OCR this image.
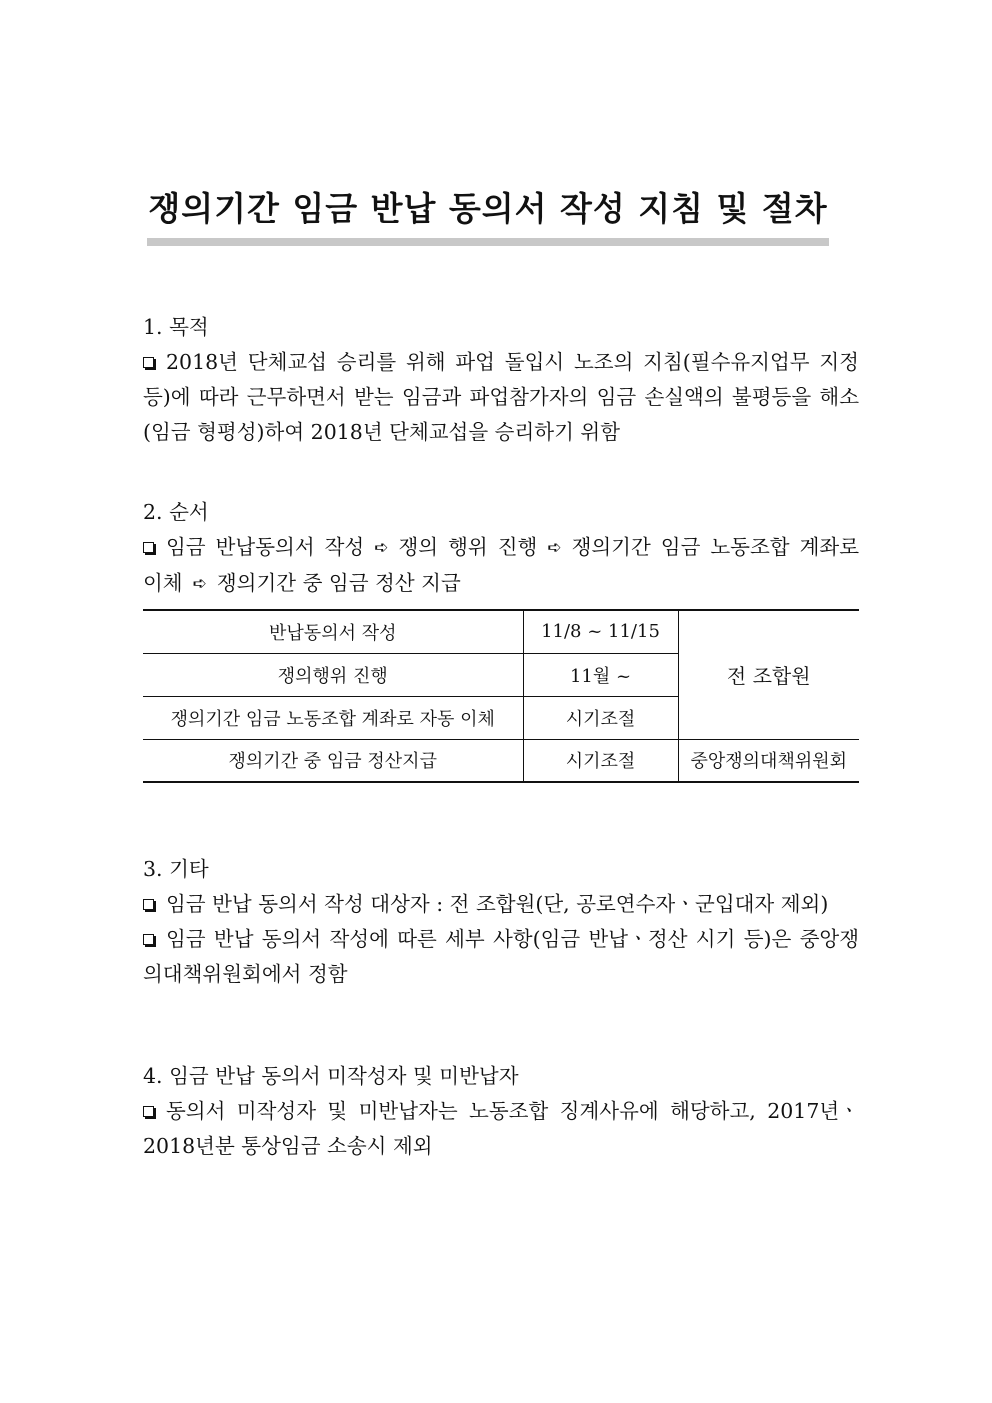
쟁의기간 임금 반납 동의서 작성 지침 및 절차
1. 목적
2018년 단체교섭 승리를 위해 파업 돌입시 노조의 지침(필수유지업무 지정 등)에 따라 근무하면서 받는 임금과 파업참가자의 임금 손실액의 불평등을 해소(임금 형평성)하여 2018년 단체교섭을 승리하기 위함
2. 순서
임금 반납동의서 작성 ➪ 쟁의 행위 진행 ➪ 쟁의기간 임금 노동조합 계좌로 이체 ➪ 쟁의기간 중 임금 정산 지급
반납동의서 작성	11/8 ~ 11/15	전 조합원
쟁의행위 진행	11월 ~	
쟁의기간 임금 노동조합 계좌로 자동 이체	시기조절	
쟁의기간 중 임금 정산지급	시기조절	중앙쟁의대책위원회
3. 기타
임금 반납 동의서 작성 대상자 : 전 조합원(단, 공로연수자ㆍ군입대자 제외)
임금 반납 동의서 작성에 따른 세부 사항(임금 반납ㆍ정산 시기 등)은 중앙쟁의대책위원회에서 정함
4. 임금 반납 동의서 미작성자 및 미반납자
동의서 미작성자 및 미반납자는 노동조합 징계사유에 해당하고, 2017년ㆍ2018년분 통상임금 소송시 제외
